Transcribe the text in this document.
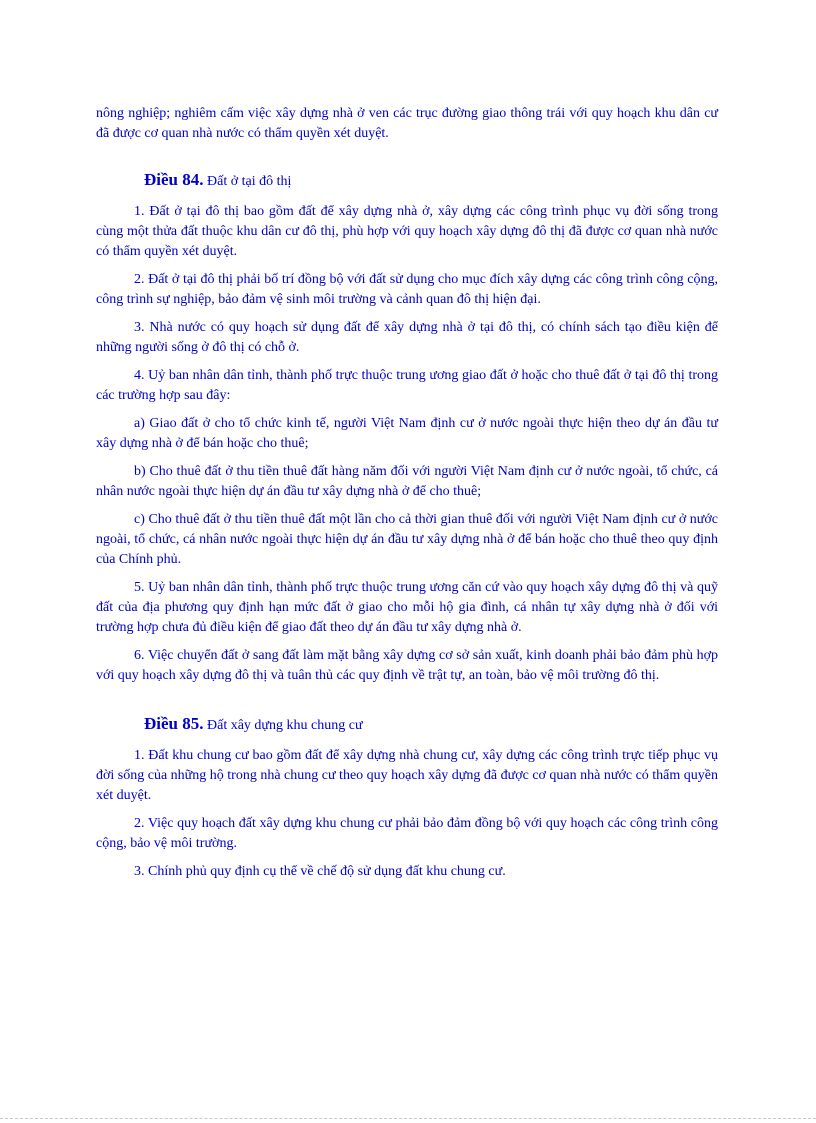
nông nghiệp; nghiêm cấm việc xây dựng nhà ở ven các trục đường giao thông trái với quy hoạch khu dân cư đã được cơ quan nhà nước có thẩm quyền xét duyệt.

Điều 84. Đất ở tại đô thị

1. Đất ở tại đô thị bao gồm đất để xây dựng nhà ở, xây dựng các công trình phục vụ đời sống trong cùng một thửa đất thuộc khu dân cư đô thị, phù hợp với quy hoạch xây dựng đô thị đã được cơ quan nhà nước có thẩm quyền xét duyệt.

2. Đất ở tại đô thị phải bố trí đồng bộ với đất sử dụng cho mục đích xây dựng các công trình công cộng, công trình sự nghiệp, bảo đảm vệ sinh môi trường và cảnh quan đô thị hiện đại.

3. Nhà nước có quy hoạch sử dụng đất để xây dựng nhà ở tại đô thị, có chính sách tạo điều kiện để những người sống ở đô thị có chỗ ở.

4. Uỷ ban nhân dân tỉnh, thành phố trực thuộc trung ương giao đất ở hoặc cho thuê đất ở tại đô thị trong các trường hợp sau đây:

a) Giao đất ở cho tổ chức kinh tế, người Việt Nam định cư ở nước ngoài thực hiện theo dự án đầu tư xây dựng nhà ở để bán hoặc cho thuê;

b) Cho thuê đất ở thu tiền thuê đất hàng năm đối với người Việt Nam định cư ở nước ngoài, tổ chức, cá nhân nước ngoài thực hiện dự án đầu tư xây dựng nhà ở để cho thuê;

c) Cho thuê đất ở thu tiền thuê đất một lần cho cả thời gian thuê đối với người Việt Nam định cư ở nước ngoài, tổ chức, cá nhân nước ngoài thực hiện dự án đầu tư xây dựng nhà ở để bán hoặc cho thuê theo quy định của Chính phủ.

5. Uỷ ban nhân dân tỉnh, thành phố trực thuộc trung ương căn cứ vào quy hoạch xây dựng đô thị và quỹ đất của địa phương quy định hạn mức đất ở giao cho mỗi hộ gia đình, cá nhân tự xây dựng nhà ở đối với trường hợp chưa đủ điều kiện để giao đất theo dự án đầu tư xây dựng nhà ở.

6. Việc chuyển đất ở sang đất làm mặt bằng xây dựng cơ sở sản xuất, kinh doanh phải bảo đảm phù hợp với quy hoạch xây dựng đô thị và tuân thủ các quy định về trật tự, an toàn, bảo vệ môi trường đô thị.

Điều 85. Đất xây dựng khu chung cư

1. Đất khu chung cư bao gồm đất để xây dựng nhà chung cư, xây dựng các công trình trực tiếp phục vụ đời sống của những hộ trong nhà chung cư theo quy hoạch xây dựng đã được cơ quan nhà nước có thẩm quyền xét duyệt.

2. Việc quy hoạch đất xây dựng khu chung cư phải bảo đảm đồng bộ với quy hoạch các công trình công cộng, bảo vệ môi trường.

3. Chính phủ quy định cụ thể về chế độ sử dụng đất khu chung cư.
